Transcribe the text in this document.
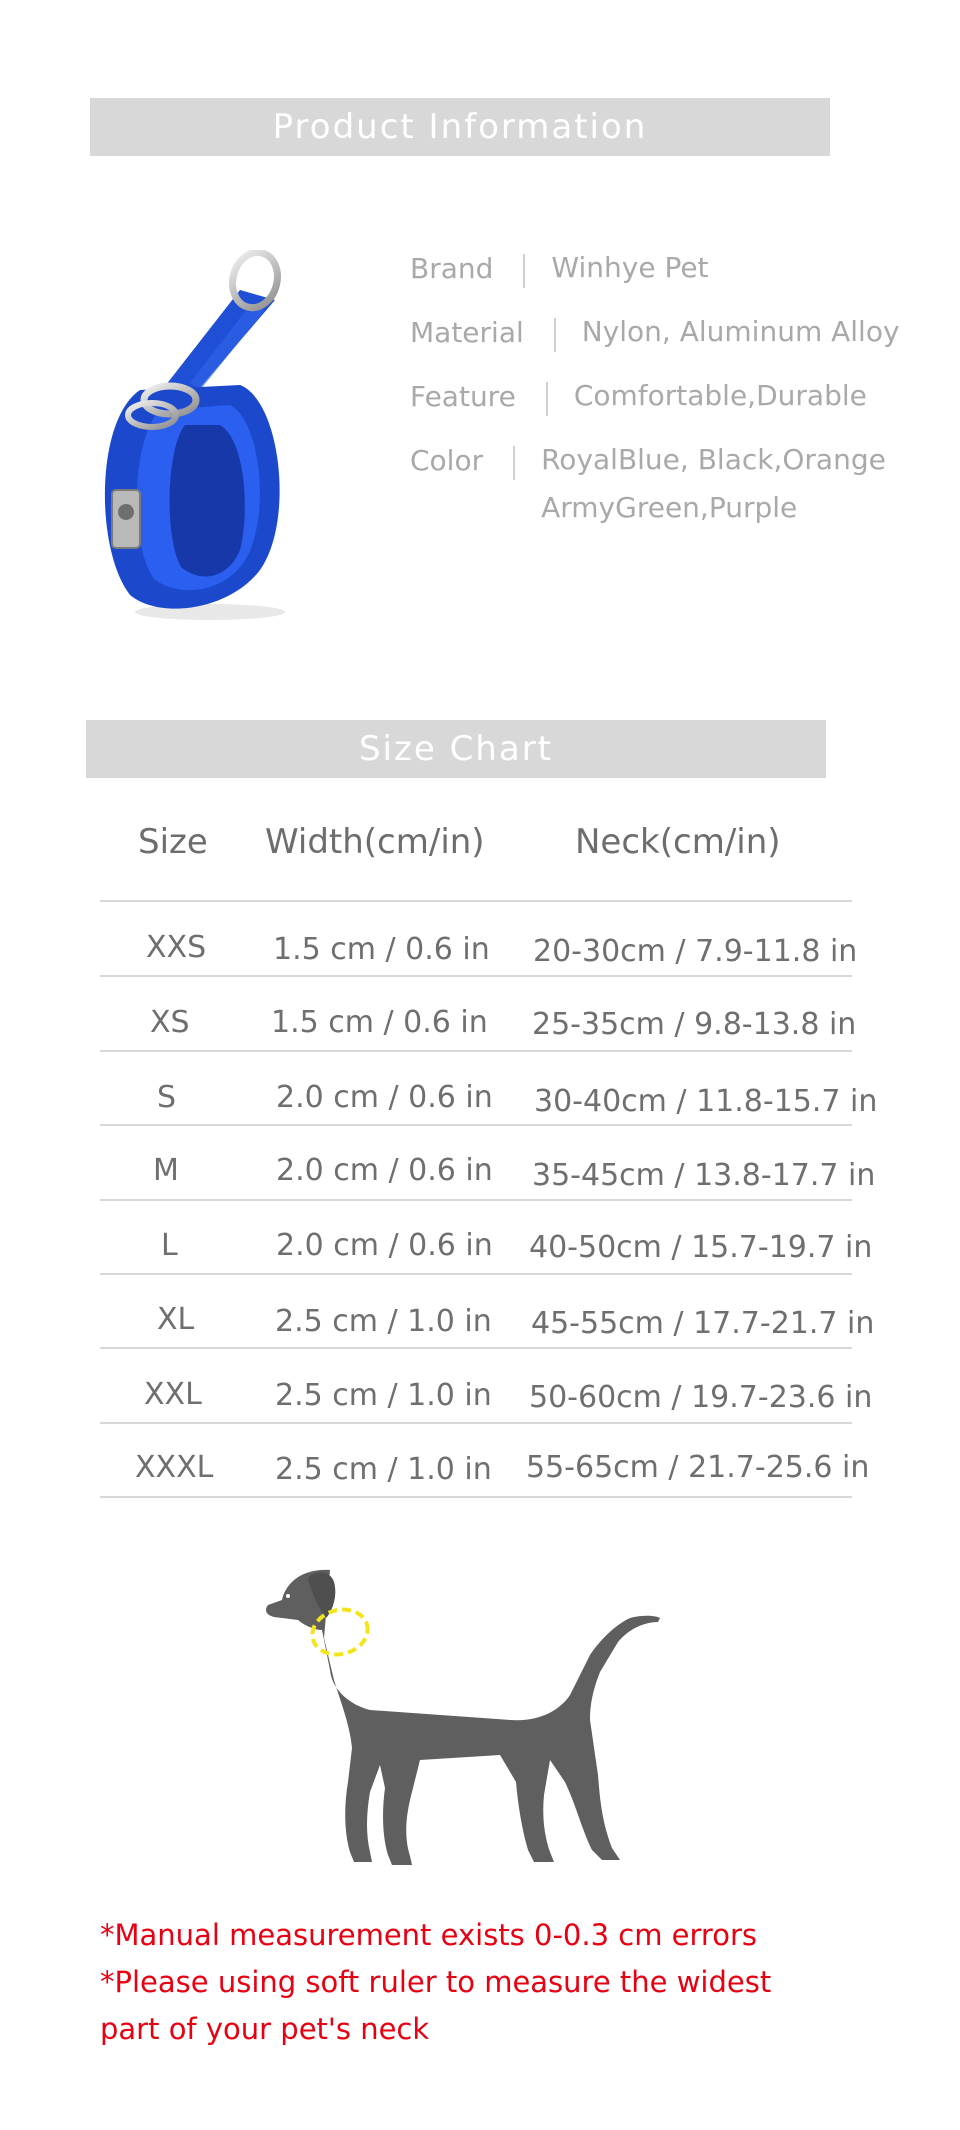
Product Information
Brand Winhye Pet
Material Nylon, Aluminum Alloy
Feature Comfortable,Durable
Color RoyalBlue, Black,Orange
ArmyGreen,Purple
Size Chart
Size Width(cm/in)	Neck(cm/in)
XXS 1.5 cm / 0.6 in 20-30cm / 7.9-11.8 in
XS	1.5 cm / 0.6 in 25-35cm / 9.8-13.8 in
S	2.0 cm / 0.6 in 30-40cm / 11.8-15.7 in
M	2.0 cm / 0.6 in 35-45cm / 13.8-17.7 in
L	2.0 cm / 0.6 in 40-50cm / 15.7-19.7 in
XL	2.5 cm / 1.0 in 45-55cm / 17.7-21.7 in
XXL 2.5 cm / 1.0 in 50-60cm / 19.7-23.6 in
XXXL 2.5 cm / 1.0 in 55-65cm / 21.7-25.6 in
NECK
*Manual measurement exists 0-0.3 cm errors
*Please using soft ruler to measure the widest
part of your pet's neck
